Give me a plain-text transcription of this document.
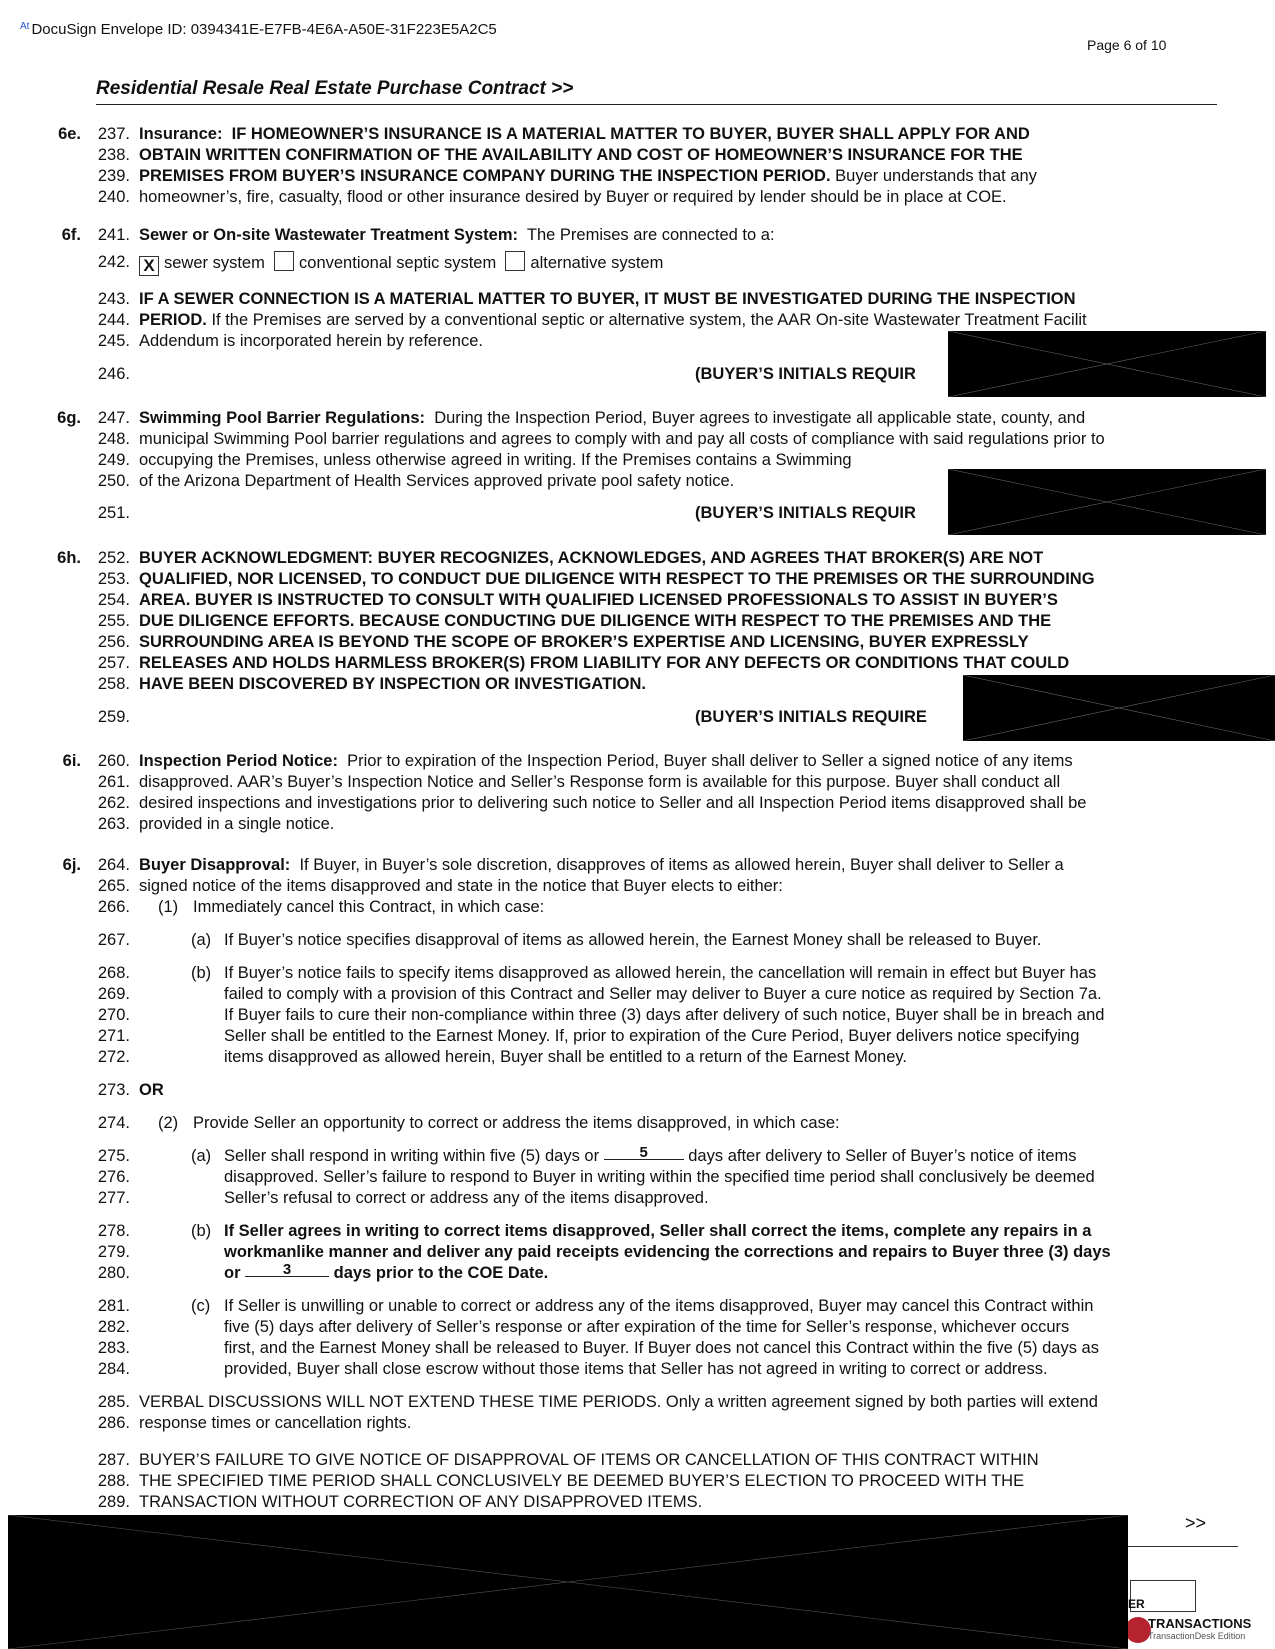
$^{At}$ DocuSign Envelope ID: 0394341E-E7FB-4E6A-A50E-31F223E5A2C5
Page 6 of 10
Residential Resale Real Estate Purchase Contract >>
6e. 237. Insurance: IF HOMEOWNER’S INSURANCE IS A MATERIAL MATTER TO BUYER, BUYER SHALL APPLY FOR AND
238. OBTAIN WRITTEN CONFIRMATION OF THE AVAILABILITY AND COST OF HOMEOWNER’S INSURANCE FOR THE
239. PREMISES FROM BUYER’S INSURANCE COMPANY DURING THE INSPECTION PERIOD. Buyer understands that any
240. homeowner’s, fire, casualty, flood or other insurance desired by Buyer or required by lender should be in place at COE.
6f. 241. Sewer or On-site Wastewater Treatment System: The Premises are connected to a:
242. X sewer system conventional septic system alternative system
243. IF A SEWER CONNECTION IS A MATERIAL MATTER TO BUYER, IT MUST BE INVESTIGATED DURING THE INSPECTION
244. PERIOD. If the Premises are served by a conventional septic or alternative system, the AAR On-site Wastewater Treatment Facilit
245. Addendum is incorporated herein by reference.
246.	(BUYER’S INITIALS REQUIR
6g. 247. Swimming Pool Barrier Regulations: During the Inspection Period, Buyer agrees to investigate all applicable state, county, and
248. municipal Swimming Pool barrier regulations and agrees to comply with and pay all costs of compliance with said regulations prior to
249. occupying the Premises, unless otherwise agreed in writing. If the Premises contains a Swimming
250. of the Arizona Department of Health Services approved private pool safety notice.
251.	(BUYER’S INITIALS REQUIR
6h. 252. BUYER ACKNOWLEDGMENT: BUYER RECOGNIZES, ACKNOWLEDGES, AND AGREES THAT BROKER(S) ARE NOT
253. QUALIFIED, NOR LICENSED, TO CONDUCT DUE DILIGENCE WITH RESPECT TO THE PREMISES OR THE SURROUNDING
254. AREA. BUYER IS INSTRUCTED TO CONSULT WITH QUALIFIED LICENSED PROFESSIONALS TO ASSIST IN BUYER’S
255. DUE DILIGENCE EFFORTS. BECAUSE CONDUCTING DUE DILIGENCE WITH RESPECT TO THE PREMISES AND THE
256. SURROUNDING AREA IS BEYOND THE SCOPE OF BROKER’S EXPERTISE AND LICENSING, BUYER EXPRESSLY
257. RELEASES AND HOLDS HARMLESS BROKER(S) FROM LIABILITY FOR ANY DEFECTS OR CONDITIONS THAT COULD
258. HAVE BEEN DISCOVERED BY INSPECTION OR INVESTIGATION.
259.	(BUYER’S INITIALS REQUIRE
6i. 260. Inspection Period Notice: Prior to expiration of the Inspection Period, Buyer shall deliver to Seller a signed notice of any items
261. disapproved. AAR’s Buyer’s Inspection Notice and Seller’s Response form is available for this purpose. Buyer shall conduct all
262. desired inspections and investigations prior to delivering such notice to Seller and all Inspection Period items disapproved shall be
263. provided in a single notice.
6j. 264. Buyer Disapproval: If Buyer, in Buyer’s sole discretion, disapproves of items as allowed herein, Buyer shall deliver to Seller a
265. signed notice of the items disapproved and state in the notice that Buyer elects to either:
266. (1) Immediately cancel this Contract, in which case:
267.	(a) If Buyer’s notice specifies disapproval of items as allowed herein, the Earnest Money shall be released to Buyer.
268.	(b) If Buyer’s notice fails to specify items disapproved as allowed herein, the cancellation will remain in effect but Buyer has
269.	failed to comply with a provision of this Contract and Seller may deliver to Buyer a cure notice as required by Section 7a.
270.	If Buyer fails to cure their non-compliance within three (3) days after delivery of such notice, Buyer shall be in breach and
271.	Seller shall be entitled to the Earnest Money. If, prior to expiration of the Cure Period, Buyer delivers notice specifying
272.	items disapproved as allowed herein, Buyer shall be entitled to a return of the Earnest Money.
273. OR
274. (2) Provide Seller an opportunity to correct or address the items disapproved, in which case:
275.	(a) Seller shall respond in writing within five (5) days or 5 days after delivery to Seller of Buyer’s notice of items
276.	disapproved. Seller’s failure to respond to Buyer in writing within the specified time period shall conclusively be deemed
277.	Seller’s refusal to correct or address any of the items disapproved.
278.	(b) If Seller agrees in writing to correct items disapproved, Seller shall correct the items, complete any repairs in a
279.	workmanlike manner and deliver any paid receipts evidencing the corrections and repairs to Buyer three (3) days
280.	or	3 days prior to the COE Date.
281.	(c) If Seller is unwilling or unable to correct or address any of the items disapproved, Buyer may cancel this Contract within
282.	five (5) days after delivery of Seller’s response or after expiration of the time for Seller’s response, whichever occurs
283.	first, and the Earnest Money shall be released to Buyer. If Buyer does not cancel this Contract within the five (5) days as
284.	provided, Buyer shall close escrow without those items that Seller has not agreed in writing to correct or address.
285. VERBAL DISCUSSIONS WILL NOT EXTEND THESE TIME PERIODS. Only a written agreement signed by both parties will extend
286. response times or cancellation rights.
287. BUYER’S FAILURE TO GIVE NOTICE OF DISAPPROVAL OF ITEMS OR CANCELLATION OF THIS CONTRACT WITHIN
288. THE SPECIFIED TIME PERIOD SHALL CONCLUSIVELY BE DEEMED BUYER’S ELECTION TO PROCEED WITH THE
289. TRANSACTION WITHOUT CORRECTION OF ANY DISAPPROVED ITEMS.
>>
ER
TRANSACTIONS
TransactionDesk Edition
